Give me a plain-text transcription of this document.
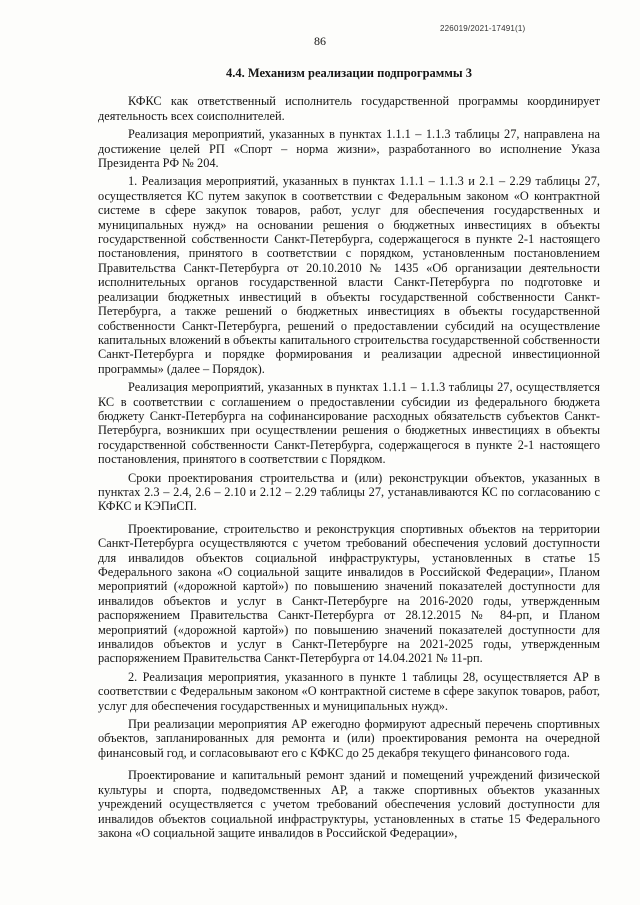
226019/2021-17491(1)
86

4.4. Механизм реализации подпрограммы 3

КФКС как ответственный исполнитель государственной программы координирует деятельность всех соисполнителей.

Реализация мероприятий, указанных в пунктах 1.1.1 – 1.1.3 таблицы 27, направлена на достижение целей РП «Спорт – норма жизни», разработанного во исполнение Указа Президента РФ № 204.

1. Реализация мероприятий, указанных в пунктах 1.1.1 – 1.1.3 и 2.1 – 2.29 таблицы 27, осуществляется КС путем закупок в соответствии с Федеральным законом «О контрактной системе в сфере закупок товаров, работ, услуг для обеспечения государственных и муниципальных нужд» на основании решения о бюджетных инвестициях в объекты государственной собственности Санкт-Петербурга, содержащегося в пункте 2-1 настоящего постановления, принятого в соответствии с порядком, установленным постановлением Правительства Санкт-Петербурга от 20.10.2010 № 1435 «Об организации деятельности исполнительных органов государственной власти Санкт-Петербурга по подготовке и реализации бюджетных инвестиций в объекты государственной собственности Санкт-Петербурга, а также решений о бюджетных инвестициях в объекты государственной собственности Санкт-Петербурга, решений о предоставлении субсидий на осуществление капитальных вложений в объекты капитального строительства государственной собственности Санкт-Петербурга и порядке формирования и реализации адресной инвестиционной программы» (далее – Порядок).

Реализация мероприятий, указанных в пунктах 1.1.1 – 1.1.3 таблицы 27, осуществляется КС в соответствии с соглашением о предоставлении субсидии из федерального бюджета бюджету Санкт-Петербурга на софинансирование расходных обязательств субъектов Санкт-Петербурга, возникших при осуществлении решения о бюджетных инвестициях в объекты государственной собственности Санкт-Петербурга, содержащегося в пункте 2-1 настоящего постановления, принятого в соответствии с Порядком.

Сроки проектирования строительства и (или) реконструкции объектов, указанных в пунктах 2.3 – 2.4, 2.6 – 2.10 и 2.12 – 2.29 таблицы 27, устанавливаются КС по согласованию с КФКС и КЭПиСП.

Проектирование, строительство и реконструкция спортивных объектов на территории Санкт-Петербурга осуществляются с учетом требований обеспечения условий доступности для инвалидов объектов социальной инфраструктуры, установленных в статье 15 Федерального закона «О социальной защите инвалидов в Российской Федерации», Планом мероприятий («дорожной картой») по повышению значений показателей доступности для инвалидов объектов и услуг в Санкт-Петербурге на 2016-2020 годы, утвержденным распоряжением Правительства Санкт-Петербурга от 28.12.2015 № 84-рп, и Планом мероприятий («дорожной картой») по повышению значений показателей доступности для инвалидов объектов и услуг в Санкт-Петербурге на 2021-2025 годы, утвержденным распоряжением Правительства Санкт-Петербурга от 14.04.2021 № 11-рп.

2. Реализация мероприятия, указанного в пункте 1 таблицы 28, осуществляется АР в соответствии с Федеральным законом «О контрактной системе в сфере закупок товаров, работ, услуг для обеспечения государственных и муниципальных нужд».

При реализации мероприятия АР ежегодно формируют адресный перечень спортивных объектов, запланированных для ремонта и (или) проектирования ремонта на очередной финансовый год, и согласовывают его с КФКС до 25 декабря текущего финансового года.

Проектирование и капитальный ремонт зданий и помещений учреждений физической культуры и спорта, подведомственных АР, а также спортивных объектов указанных учреждений осуществляется с учетом требований обеспечения условий доступности для инвалидов объектов социальной инфраструктуры, установленных в статье 15 Федерального закона «О социальной защите инвалидов в Российской Федерации»,
